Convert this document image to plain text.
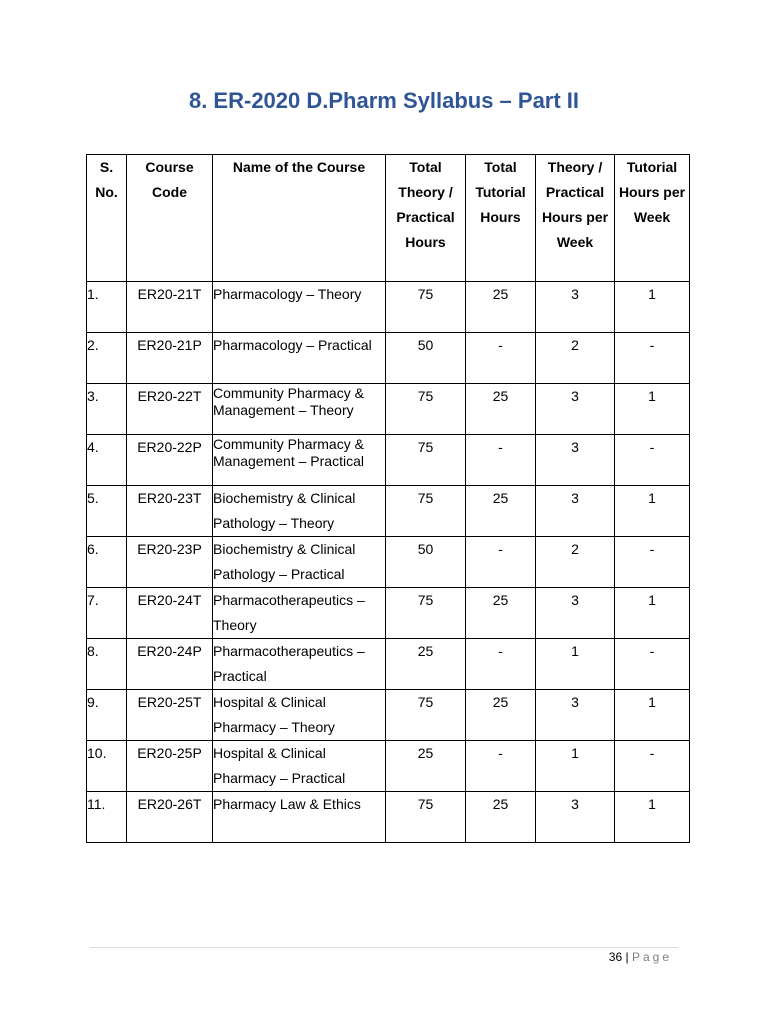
8. ER-2020 D.Pharm Syllabus – Part II
S. No.	Course Code	Name of the Course	Total Theory / Practical Hours	Total Tutorial Hours	Theory / Practical Hours per Week	Tutorial Hours per Week
1.	ER20-21T	Pharmacology – Theory	75	25	3	1
2.	ER20-21P	Pharmacology – Practical	50	-	2	-
3.	ER20-22T	Community Pharmacy & Management – Theory	75	25	3	1
4.	ER20-22P	Community Pharmacy & Management – Practical	75	-	3	-
5.	ER20-23T	Biochemistry & Clinical Pathology – Theory	75	25	3	1
6.	ER20-23P	Biochemistry & Clinical Pathology – Practical	50	-	2	-
7.	ER20-24T	Pharmacotherapeutics – Theory	75	25	3	1
8.	ER20-24P	Pharmacotherapeutics – Practical	25	-	1	-
9.	ER20-25T	Hospital & Clinical Pharmacy – Theory	75	25	3	1
10.	ER20-25P	Hospital & Clinical Pharmacy – Practical	25	-	1	-
11.	ER20-26T	Pharmacy Law & Ethics	75	25	3	1
36 | Page
